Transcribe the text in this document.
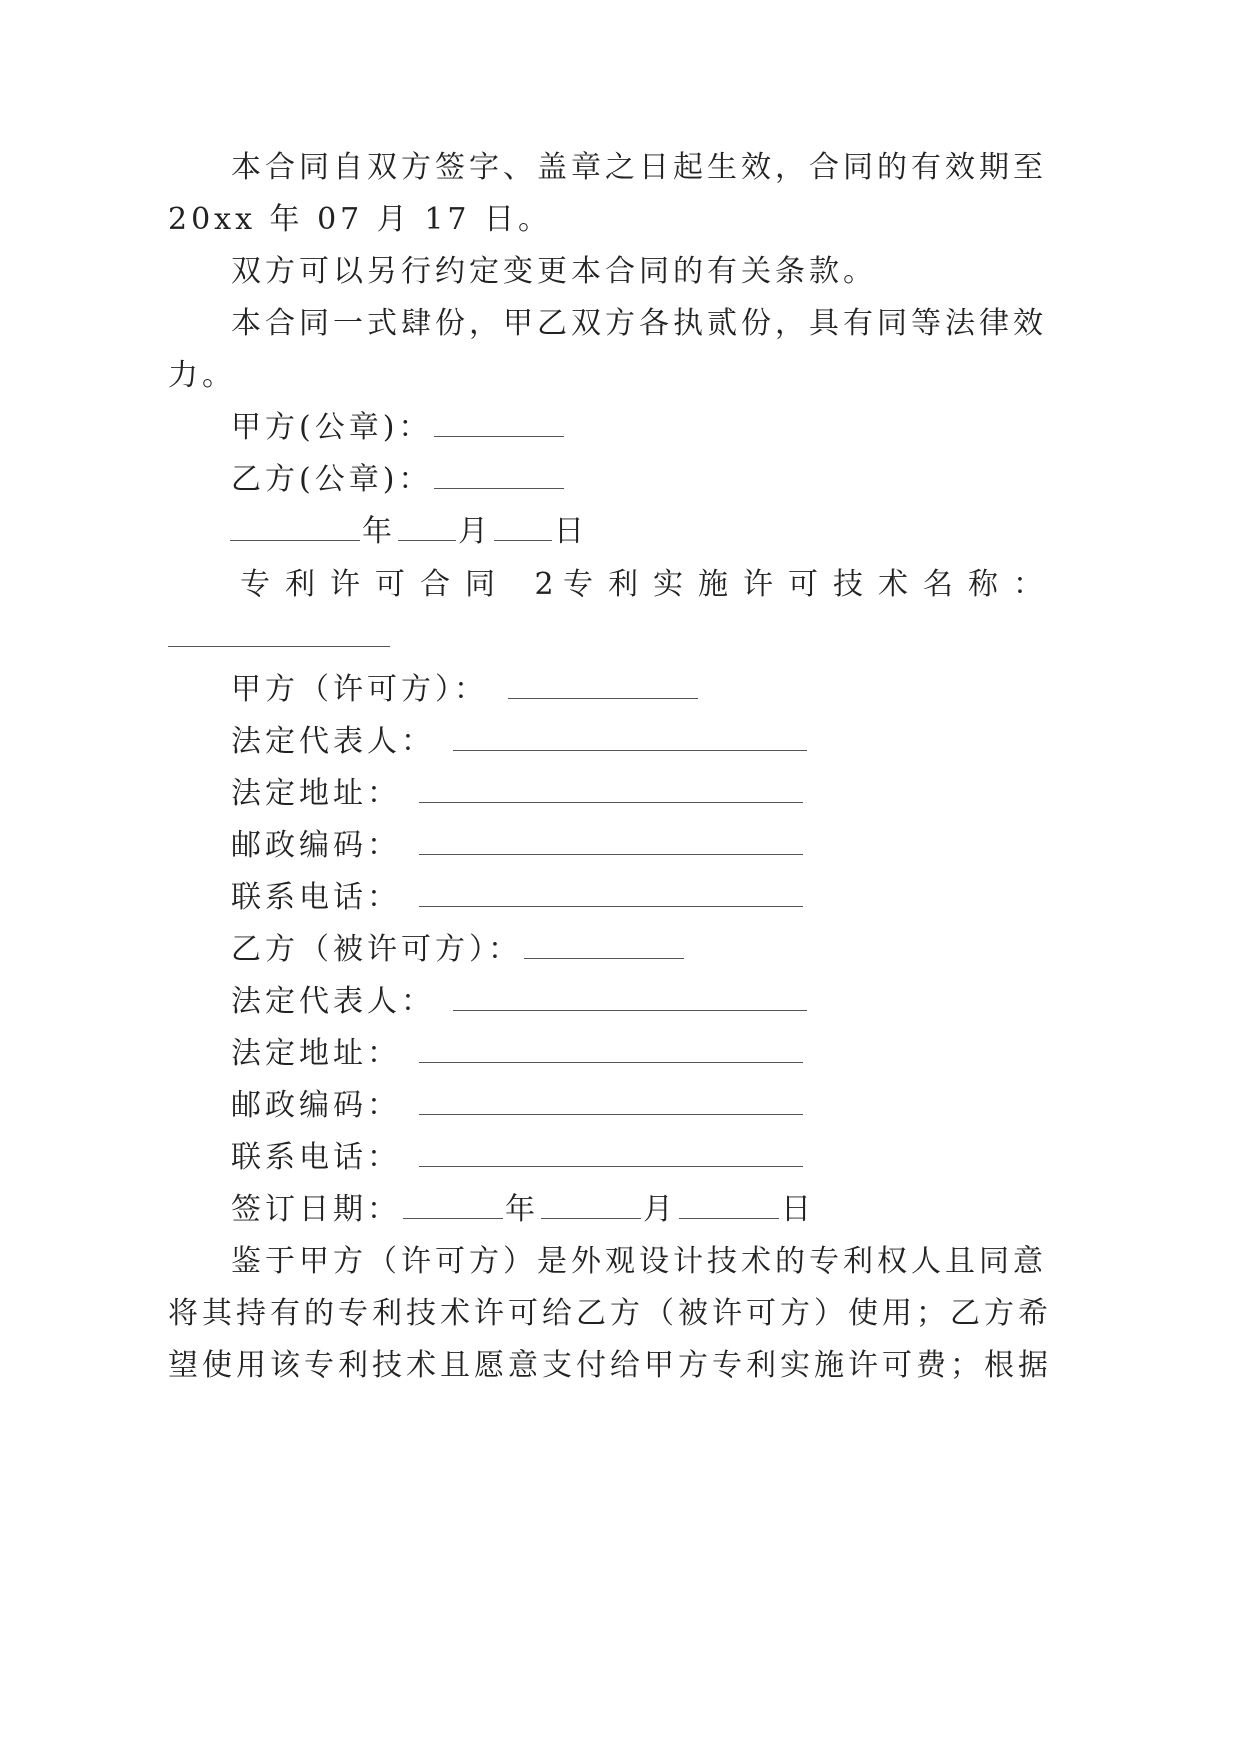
本合同自双方签字、盖章之日起生效，合同的有效期至
20xx 年 07 月 17 日。
双方可以另行约定变更本合同的有关条款。
本合同一式肆份，甲乙双方各执贰份，具有同等法律效
力。
甲方(公章)：
乙方(公章)：
年 月 日
专利许可合同 2
专利实施许可技术名称：
甲方（许可方）：
法定代表人：
法定地址：
邮政编码：
联系电话：
乙方（被许可方）：
法定代表人：
法定地址：
邮政编码：
联系电话：
签订日期：	年	月	日
鉴于甲方（许可方）是外观设计技术的专利权人且同意
将其持有的专利技术许可给乙方（被许可方）使用；乙方希
望使用该专利技术且愿意支付给甲方专利实施许可费；根据
